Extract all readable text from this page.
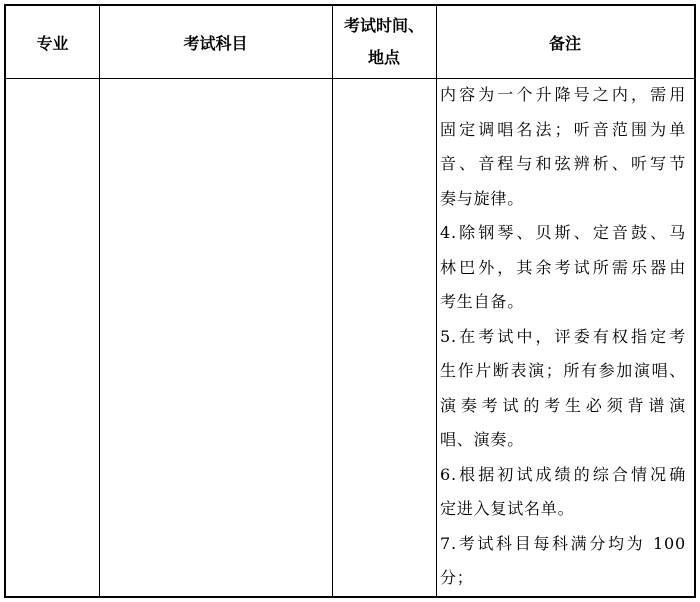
专业	考试科目
考试时间、
地点
备注

内容为一个升降号之内，需用

固定调唱名法；听音范围为单

音、音程与和弦辨析、听写节

奏与旋律。

4.除钢琴、贝斯、定音鼓、马

林巴外，其余考试所需乐器由

考生自备。

5.在考试中，评委有权指定考

生作片断表演；所有参加演唱、

演奏考试的考生必须背谱演

唱、演奏。

6.根据初试成绩的综合情况确

定进入复试名单。

7.考试科目每科满分均为 100

分；
